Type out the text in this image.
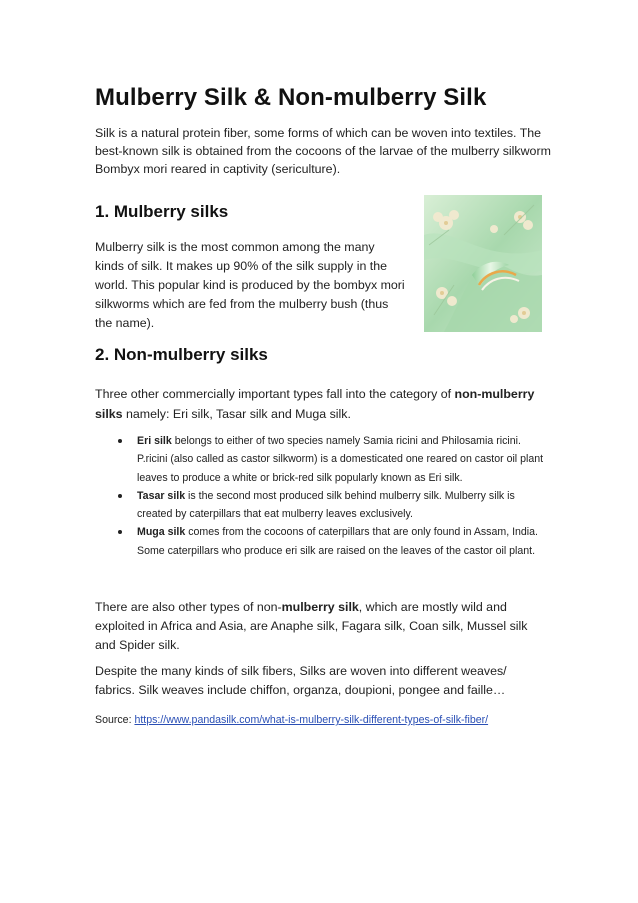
Mulberry Silk & Non-mulberry Silk

Silk is a natural protein fiber, some forms of which can be woven into textiles. The best-known silk is obtained from the cocoons of the larvae of the mulberry silkworm Bombyx mori reared in captivity (sericulture).

1. Mulberry silks

Mulberry silk is the most common among the many kinds of silk. It makes up 90% of the silk supply in the world. This popular kind is produced by the bombyx mori silkworms which are fed from the mulberry bush (thus the name).

2. Non-mulberry silks

Three other commercially important types fall into the category of non-mulberry silks namely: Eri silk, Tasar silk and Muga silk.

Eri silk belongs to either of two species namely Samia ricini and Philosamia ricini. P.ricini (also called as castor silkworm) is a domesticated one reared on castor oil plant leaves to produce a white or brick-red silk popularly known as Eri silk.
Tasar silk is the second most produced silk behind mulberry silk. Mulberry silk is created by caterpillars that eat mulberry leaves exclusively.
Muga silk comes from the cocoons of caterpillars that are only found in Assam, India. Some caterpillars who produce eri silk are raised on the leaves of the castor oil plant.

There are also other types of non-mulberry silk, which are mostly wild and exploited in Africa and Asia, are Anaphe silk, Fagara silk, Coan silk, Mussel silk and Spider silk.

Despite the many kinds of silk fibers, Silks are woven into different weaves/ fabrics. Silk weaves include chiffon, organza, doupioni, pongee and faille…

Source: https://www.pandasilk.com/what-is-mulberry-silk-different-types-of-silk-fiber/
